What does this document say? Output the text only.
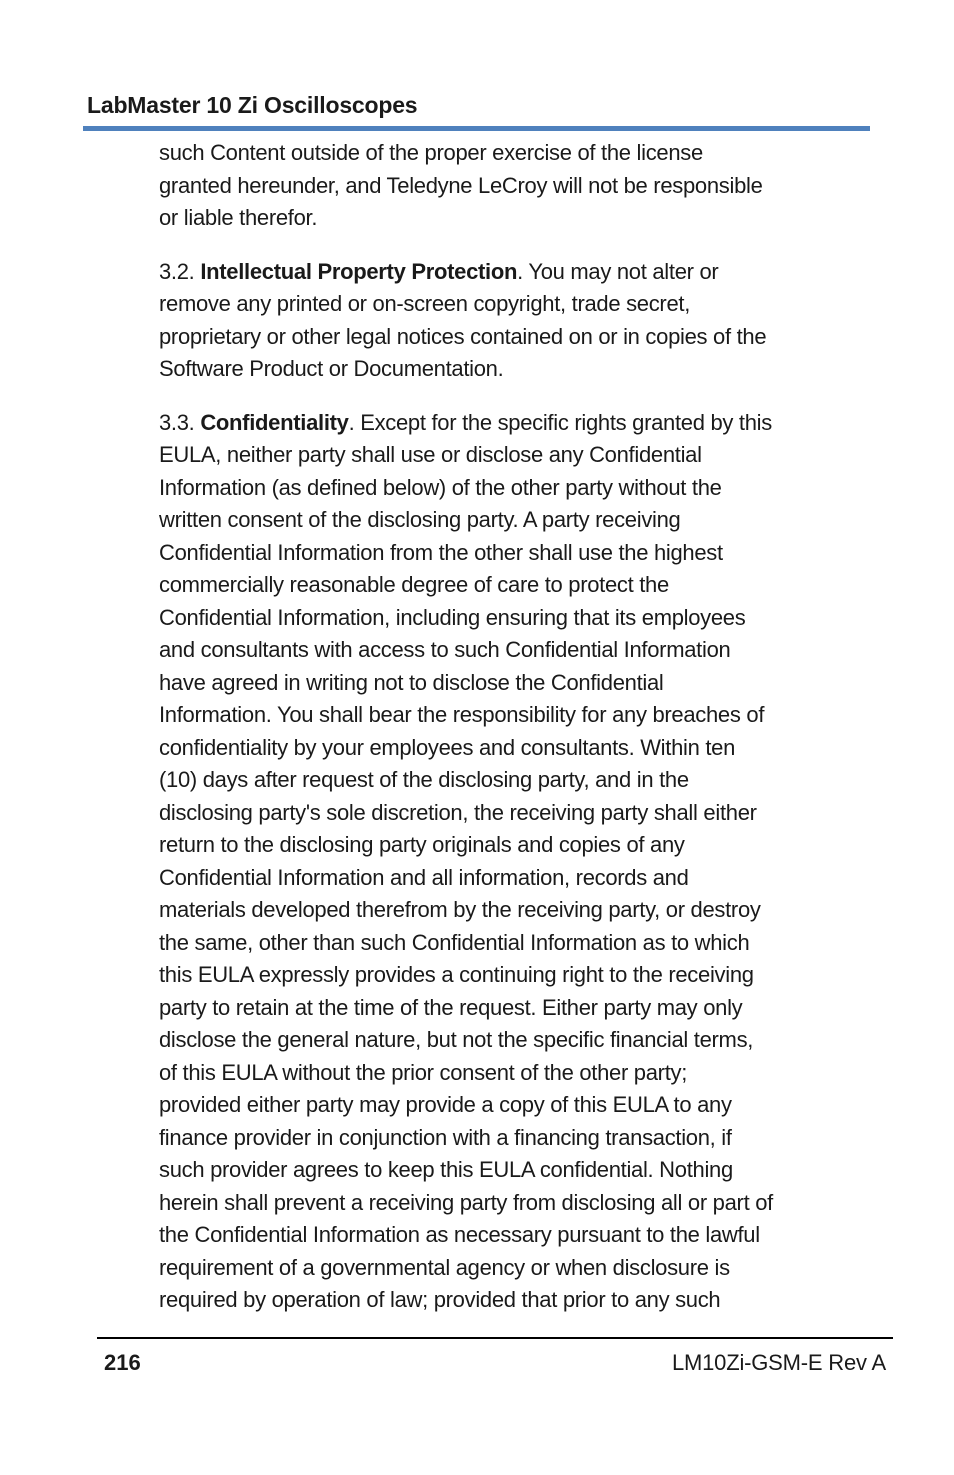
LabMaster 10 Zi Oscilloscopes
such Content outside of the proper exercise of the license
granted hereunder, and Teledyne LeCroy will not be responsible
or liable therefor.
3.2. Intellectual Property Protection. You may not alter or
remove any printed or on-screen copyright, trade secret,
proprietary or other legal notices contained on or in copies of the
Software Product or Documentation.
3.3. Confidentiality. Except for the specific rights granted by this
EULA, neither party shall use or disclose any Confidential
Information (as defined below) of the other party without the
written consent of the disclosing party. A party receiving
Confidential Information from the other shall use the highest
commercially reasonable degree of care to protect the
Confidential Information, including ensuring that its employees
and consultants with access to such Confidential Information
have agreed in writing not to disclose the Confidential
Information. You shall bear the responsibility for any breaches of
confidentiality by your employees and consultants. Within ten
(10) days after request of the disclosing party, and in the
disclosing party's sole discretion, the receiving party shall either
return to the disclosing party originals and copies of any
Confidential Information and all information, records and
materials developed therefrom by the receiving party, or destroy
the same, other than such Confidential Information as to which
this EULA expressly provides a continuing right to the receiving
party to retain at the time of the request. Either party may only
disclose the general nature, but not the specific financial terms,
of this EULA without the prior consent of the other party;
provided either party may provide a copy of this EULA to any
finance provider in conjunction with a financing transaction, if
such provider agrees to keep this EULA confidential. Nothing
herein shall prevent a receiving party from disclosing all or part of
the Confidential Information as necessary pursuant to the lawful
requirement of a governmental agency or when disclosure is
required by operation of law; provided that prior to any such
216	LM10Zi-GSM-E Rev A
